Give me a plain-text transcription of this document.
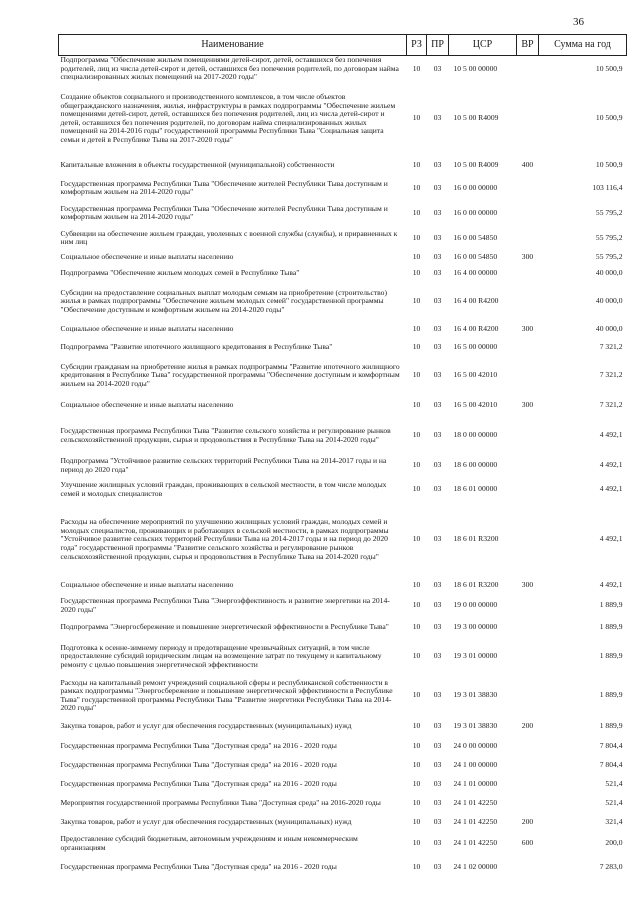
36
Наименование	РЗ	ПР	ЦСР	ВР	Сумма на год
Подпрограмма "Обеспечение жильем помещениями детей-сирот, детей, оставшихся без попечения родителей, лиц из числа детей-сирот и детей, оставшихся без попечения родителей, по договорам найма специализированных жилых помещений на 2017-2020 годы"	10	03	10 5 00 00000		10 500,9
Создание объектов социального и производственного комплексов, в том числе объектов общегражданского назначения, жилья, инфраструктуры в рамках подпрограммы "Обеспечение жильем помещениями детей-сирот, детей, оставшихся без попечения родителей, лиц из числа детей-сирот и детей, оставшихся без попечения родителей, по договорам найма специализированных жилых помещений на 2014-2016 годы" государственной программы Республики Тыва "Социальная защита семьи и детей в Республике Тыва на 2017-2020 годы"	10	03	10 5 00 R4009		10 500,9
Капитальные вложения в объекты государственной (муниципальной) собственности	10	03	10 5 00 R4009	400	10 500,9
Государственная программа Республики Тыва "Обеспечение жителей Республики Тыва доступным и комфортным жильем на 2014-2020 годы"	10	03	16 0 00 00000		103 116,4
Государственная программа Республики Тыва "Обеспечение жителей Республики Тыва доступным и комфортным жильем на 2014-2020 годы"	10	03	16 0 00 00000		55 795,2
Субвенции на обеспечение жильем граждан, уволенных с военной службы (службы), и приравненных к ним лиц	10	03	16 0 00 54850		55 795,2
Социальное обеспечение и иные выплаты населению	10	03	16 0 00 54850	300	55 795,2
Подпрограмма "Обеспечение жильем молодых семей в Республике Тыва"	10	03	16 4 00 00000		40 000,0
Субсидии на предоставление социальных выплат молодым семьям на приобретение (строительство) жилья в рамках подпрограммы "Обеспечение жильем молодых семей" государственной программы "Обеспечение доступным и комфортным жильем на 2014-2020 годы"	10	03	16 4 00 R4200		40 000,0
Социальное обеспечение и иные выплаты населению	10	03	16 4 00 R4200	300	40 000,0
Подпрограмма "Развитие ипотечного жилищного кредитования в Республике Тыва"	10	03	16 5 00 00000		7 321,2
Субсидии гражданам на приобретение жилья в рамках подпрограммы "Развитие ипотечного жилищного кредитования в Республике Тыва" государственной программы "Обеспечение доступным и комфортным жильем на 2014-2020 годы"	10	03	16 5 00 42010		7 321,2
Социальное обеспечение и иные выплаты населению	10	03	16 5 00 42010	300	7 321,2
Государственная программа Республики Тыва "Развитие сельского хозяйства и регулирование рынков сельскохозяйственной продукции, сырья и продовольствия в Республике Тыва на 2014-2020 годы"	10	03	18 0 00 00000		4 492,1
Подпрограмма "Устойчивое развитие сельских территорий Республики Тыва на 2014-2017 годы и на период до 2020 года"	10	03	18 6 00 00000		4 492,1
Улучшение жилищных условий граждан, проживающих в сельской местности, в том числе молодых семей и молодых специалистов	10	03	18 6 01 00000		4 492,1
Расходы на обеспечение мероприятий по улучшению жилищных условий граждан, молодых семей и молодых специалистов, проживающих и работающих в сельской местности, в рамках подпрограммы "Устойчивое развитие сельских территорий Республики Тыва на 2014-2017 годы и на период до 2020 года" государственной программы "Развитие сельского хозяйства и регулирование рынков сельскохозяйственной продукции, сырья и продовольствия в Республике Тыва на 2014-2020 годы"	10	03	18 6 01 R3200		4 492,1
Социальное обеспечение и иные выплаты населению	10	03	18 6 01 R3200	300	4 492,1
Государственная программа Республики Тыва "Энергоэффективность и развитие энергетики на 2014-2020 годы"	10	03	19 0 00 00000		1 889,9
Подпрограмма "Энергосбережение и повышение энергетической эффективности в Республике Тыва"	10	03	19 3 00 00000		1 889,9
Подготовка к осенне-зимнему периоду и предотвращение чрезвычайных ситуаций, в том числе предоставление субсидий юридическим лицам на возмещение затрат по текущему и капитальному ремонту с целью повышения энергетической эффективности	10	03	19 3 01 00000		1 889,9
Расходы на капитальный ремонт учреждений социальной сферы и республиканской собственности в рамках подпрограммы "Энергосбережение и повышение энергетической эффективности в Республике Тыва" государственной программы Республики Тыва "Развитие энергетики Республики Тыва на 2014-2020 годы"	10	03	19 3 01 38830		1 889,9
Закупка товаров, работ и услуг для обеспечения государственных (муниципальных) нужд	10	03	19 3 01 38830	200	1 889,9
Государственная программа Республики Тыва "Доступная среда" на 2016 - 2020 годы	10	03	24 0 00 00000		7 804,4
Государственная программа Республики Тыва "Доступная среда" на 2016 - 2020 годы	10	03	24 1 00 00000		7 804,4
Государственная программа Республики Тыва "Доступная среда" на 2016 - 2020 годы	10	03	24 1 01 00000		521,4
Мероприятия государственной программы Республики Тыва "Доступная среда" на 2016-2020 годы	10	03	24 1 01 42250		521,4
Закупка товаров, работ и услуг для обеспечения государственных (муниципальных) нужд	10	03	24 1 01 42250	200	321,4
Предоставление субсидий бюджетным, автономным учреждениям и иным некоммерческим организациям	10	03	24 1 01 42250	600	200,0
Государственная программа Республики Тыва "Доступная среда" на 2016 - 2020 годы	10	03	24 1 02 00000		7 283,0
